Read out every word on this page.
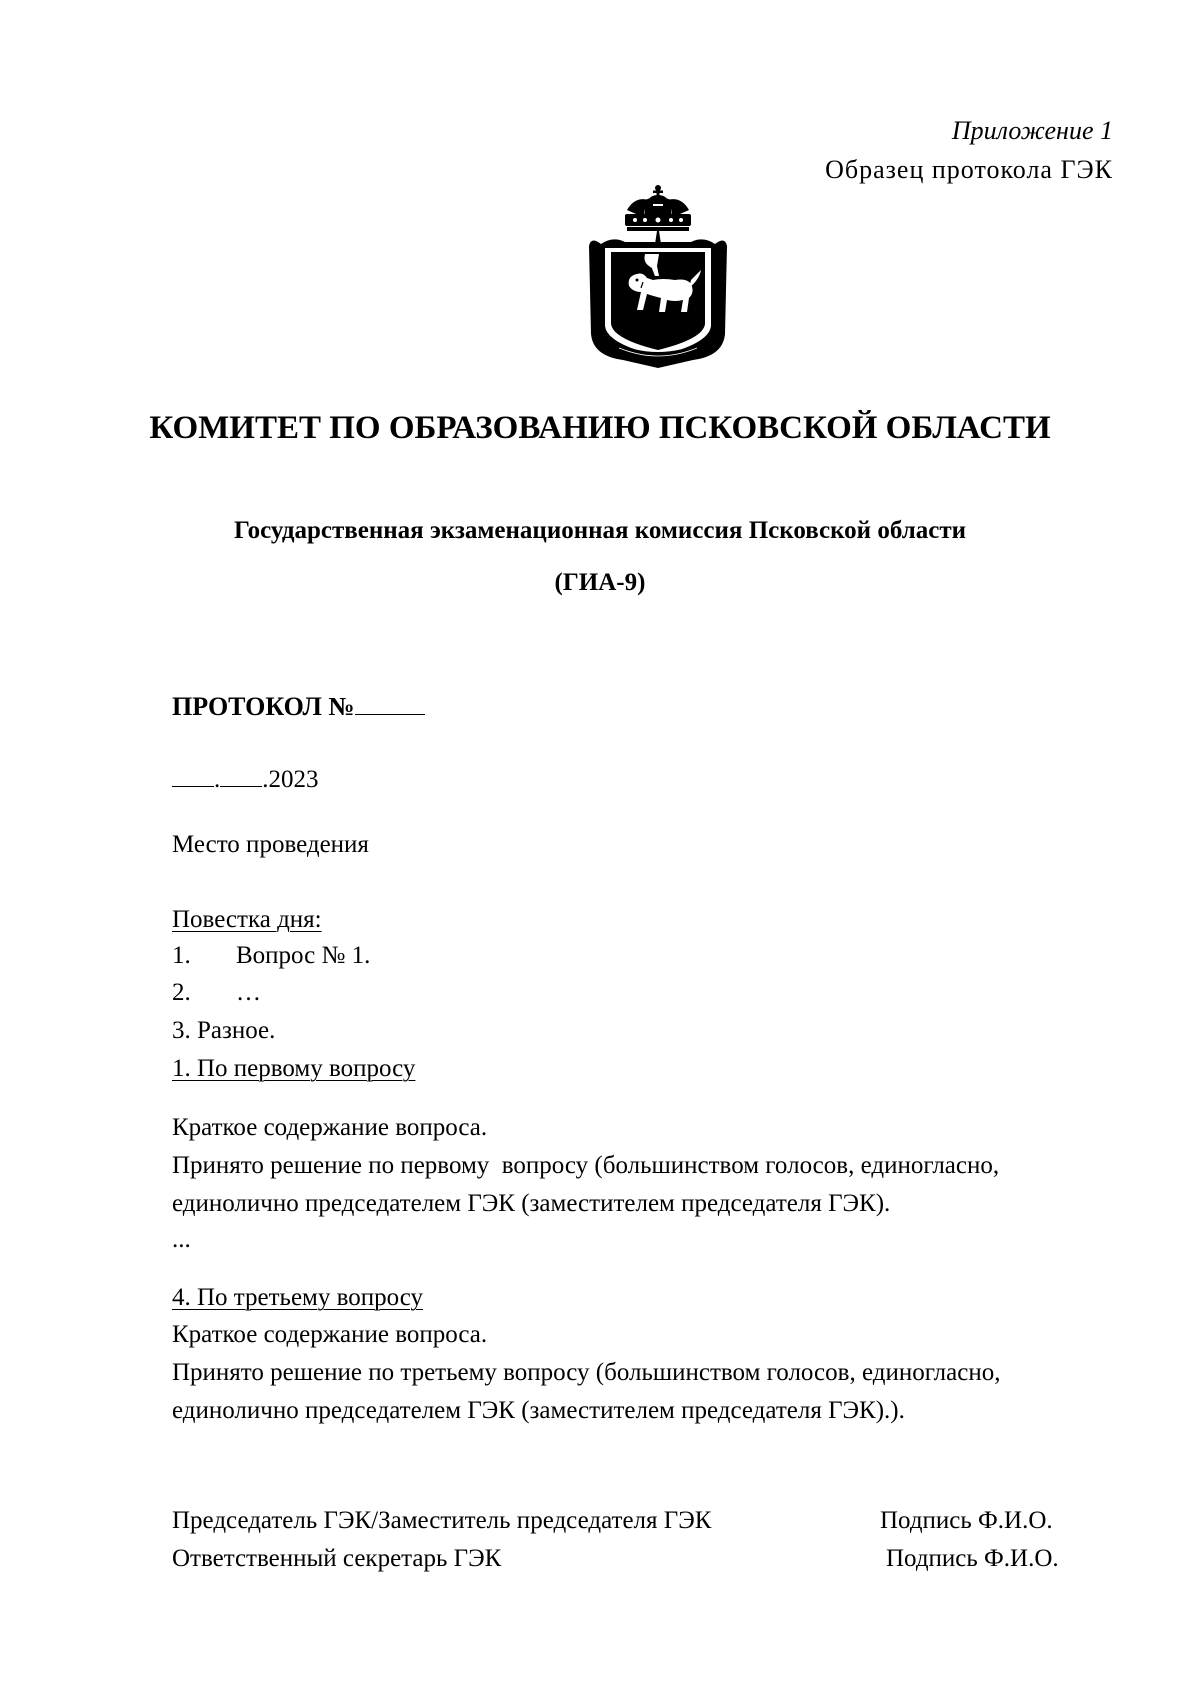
Приложение 1
Образец протокола ГЭК
КОМИТЕТ ПО ОБРАЗОВАНИЮ ПСКОВСКОЙ ОБЛАСТИ
Государственная экзаменационная комиссия Псковской области
(ГИА-9)
ПРОТОКОЛ №
. .2023
Место проведения
Повестка дня:
1. Вопрос № 1.
2. …
3. Разное.
1. По первому вопросу
Краткое содержание вопроса.
Принято решение по первому  вопросу (большинством голосов, единогласно,
единолично председателем ГЭК (заместителем председателя ГЭК).
...
4. По третьему вопросу
Краткое содержание вопроса.
Принято решение по третьему вопросу (большинством голосов, единогласно,
единолично председателем ГЭК (заместителем председателя ГЭК).).
Председатель ГЭК/Заместитель председателя ГЭК	Подпись Ф.И.О.
Ответственный секретарь ГЭК	Подпись Ф.И.О.
